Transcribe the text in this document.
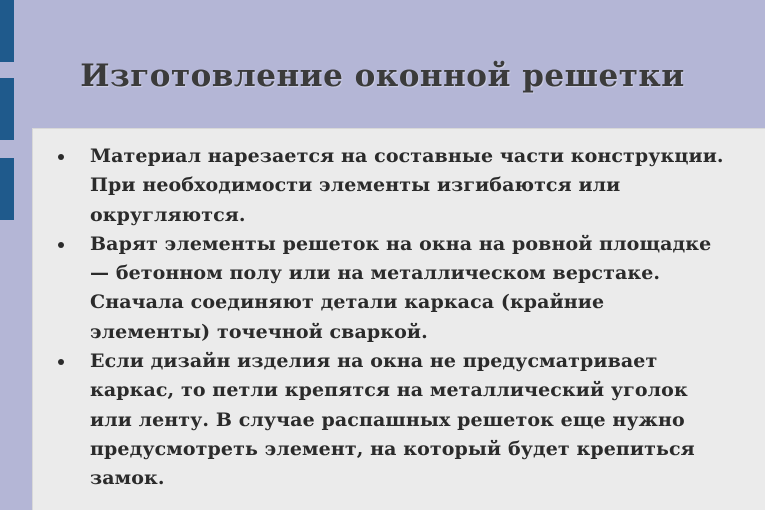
Изготовление оконной решетки
Материал нарезается на составные части конструкции. При необходимости элементы изгибаются или округляются.
Варят элементы решеток на окна на ровной площадке — бетонном полу или на металлическом верстаке. Сначала соединяют детали каркаса (крайние элементы) точечной сваркой.
Если дизайн изделия на окна не предусматривает каркас, то петли крепятся на металлический уголок или ленту. В случае распашных решеток еще нужно предусмотреть элемент, на который будет крепиться замок.
